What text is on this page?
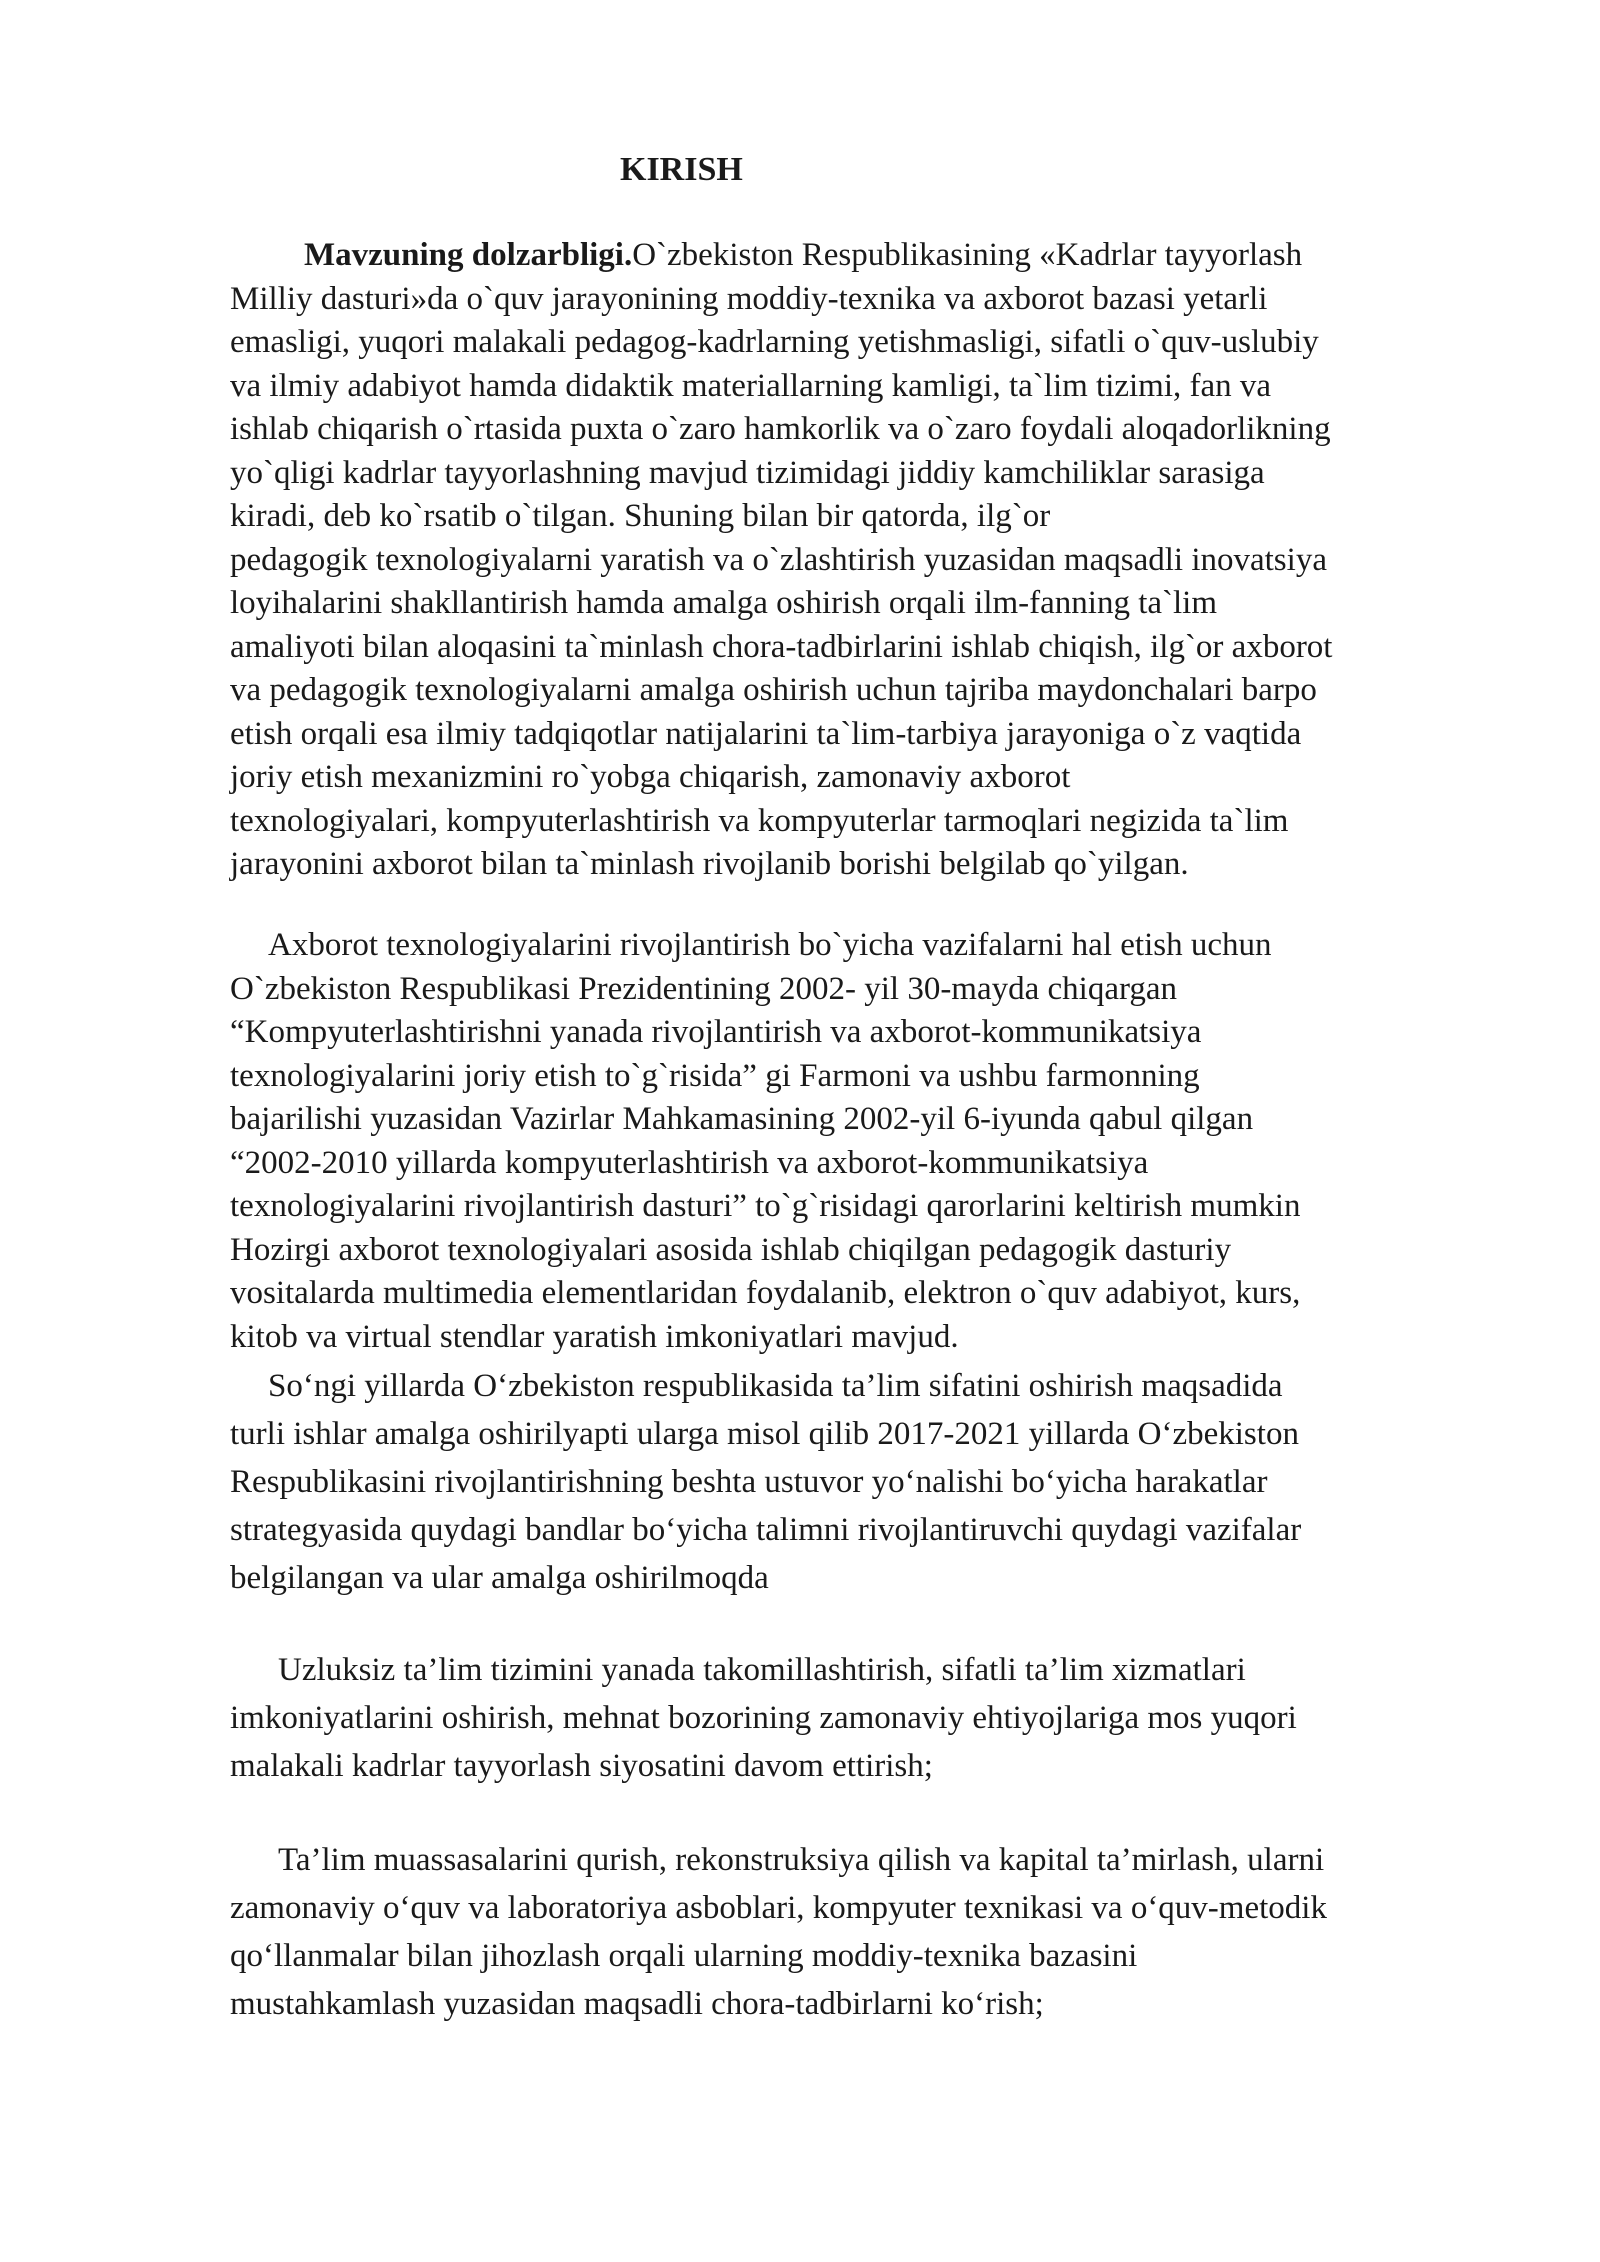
KIRISH
Mavzuning dolzarbligi.O`zbekiston Respublikasining «Kadrlar tayyorlash
Milliy dasturi»da o`quv jarayonining moddiy-texnika va axborot bazasi yetarli
emasligi, yuqori malakali pedagog-kadrlarning yetishmasligi, sifatli o`quv-uslubiy
va ilmiy adabiyot hamda didaktik materiallarning kamligi, ta`lim tizimi, fan va
ishlab chiqarish o`rtasida puxta o`zaro hamkorlik va o`zaro foydali aloqadorlikning
yo`qligi kadrlar tayyorlashning mavjud tizimidagi jiddiy kamchiliklar sarasiga
kiradi, deb ko`rsatib o`tilgan. Shuning bilan bir qatorda, ilg`or
pedagogik texnologiyalarni yaratish va o`zlashtirish yuzasidan maqsadli inovatsiya
loyihalarini shakllantirish hamda amalga oshirish orqali ilm-fanning ta`lim
amaliyoti bilan aloqasini ta`minlash chora-tadbirlarini ishlab chiqish, ilg`or axborot
va pedagogik texnologiyalarni amalga oshirish uchun tajriba maydonchalari barpo
etish orqali esa ilmiy tadqiqotlar natijalarini ta`lim-tarbiya jarayoniga o`z vaqtida
joriy etish mexanizmini ro`yobga chiqarish, zamonaviy axborot
texnologiyalari, kompyuterlashtirish va kompyuterlar tarmoqlari negizida ta`lim
jarayonini axborot bilan ta`minlash rivojlanib borishi belgilab qo`yilgan.
Axborot texnologiyalarini rivojlantirish bo`yicha vazifalarni hal etish uchun
O`zbekiston Respublikasi Prezidentining 2002- yil 30-mayda chiqargan
“Kompyuterlashtirishni yanada rivojlantirish va axborot-kommunikatsiya
texnologiyalarini joriy etish to`g`risida” gi Farmoni va ushbu farmonning
bajarilishi yuzasidan Vazirlar Mahkamasining 2002-yil 6-iyunda qabul qilgan
“2002-2010 yillarda kompyuterlashtirish va axborot-kommunikatsiya
texnologiyalarini rivojlantirish dasturi” to`g`risidagi qarorlarini keltirish mumkin
Hozirgi axborot texnologiyalari asosida ishlab chiqilgan pedagogik dasturiy
vositalarda multimedia elementlaridan foydalanib, elektron o`quv adabiyot, kurs,
kitob va virtual stendlar yaratish imkoniyatlari mavjud.
So‘ngi yillarda O‘zbekiston respublikasida ta’lim sifatini oshirish maqsadida
turli ishlar amalga oshirilyapti ularga misol qilib 2017-2021 yillarda O‘zbekiston
Respublikasini rivojlantirishning beshta ustuvor yo‘nalishi bo‘yicha harakatlar
strategyasida quydagi bandlar bo‘yicha talimni rivojlantiruvchi quydagi vazifalar
belgilangan va ular amalga oshirilmoqda
Uzluksiz ta’lim tizimini yanada takomillashtirish, sifatli ta’lim xizmatlari
imkoniyatlarini oshirish, mehnat bozorining zamonaviy ehtiyojlariga mos yuqori
malakali kadrlar tayyorlash siyosatini davom ettirish;
Ta’lim muassasalarini qurish, rekonstruksiya qilish va kapital ta’mirlash, ularni
zamonaviy o‘quv va laboratoriya asboblari, kompyuter texnikasi va o‘quv-metodik
qo‘llanmalar bilan jihozlash orqali ularning moddiy-texnika bazasini
mustahkamlash yuzasidan maqsadli chora-tadbirlarni ko‘rish;
